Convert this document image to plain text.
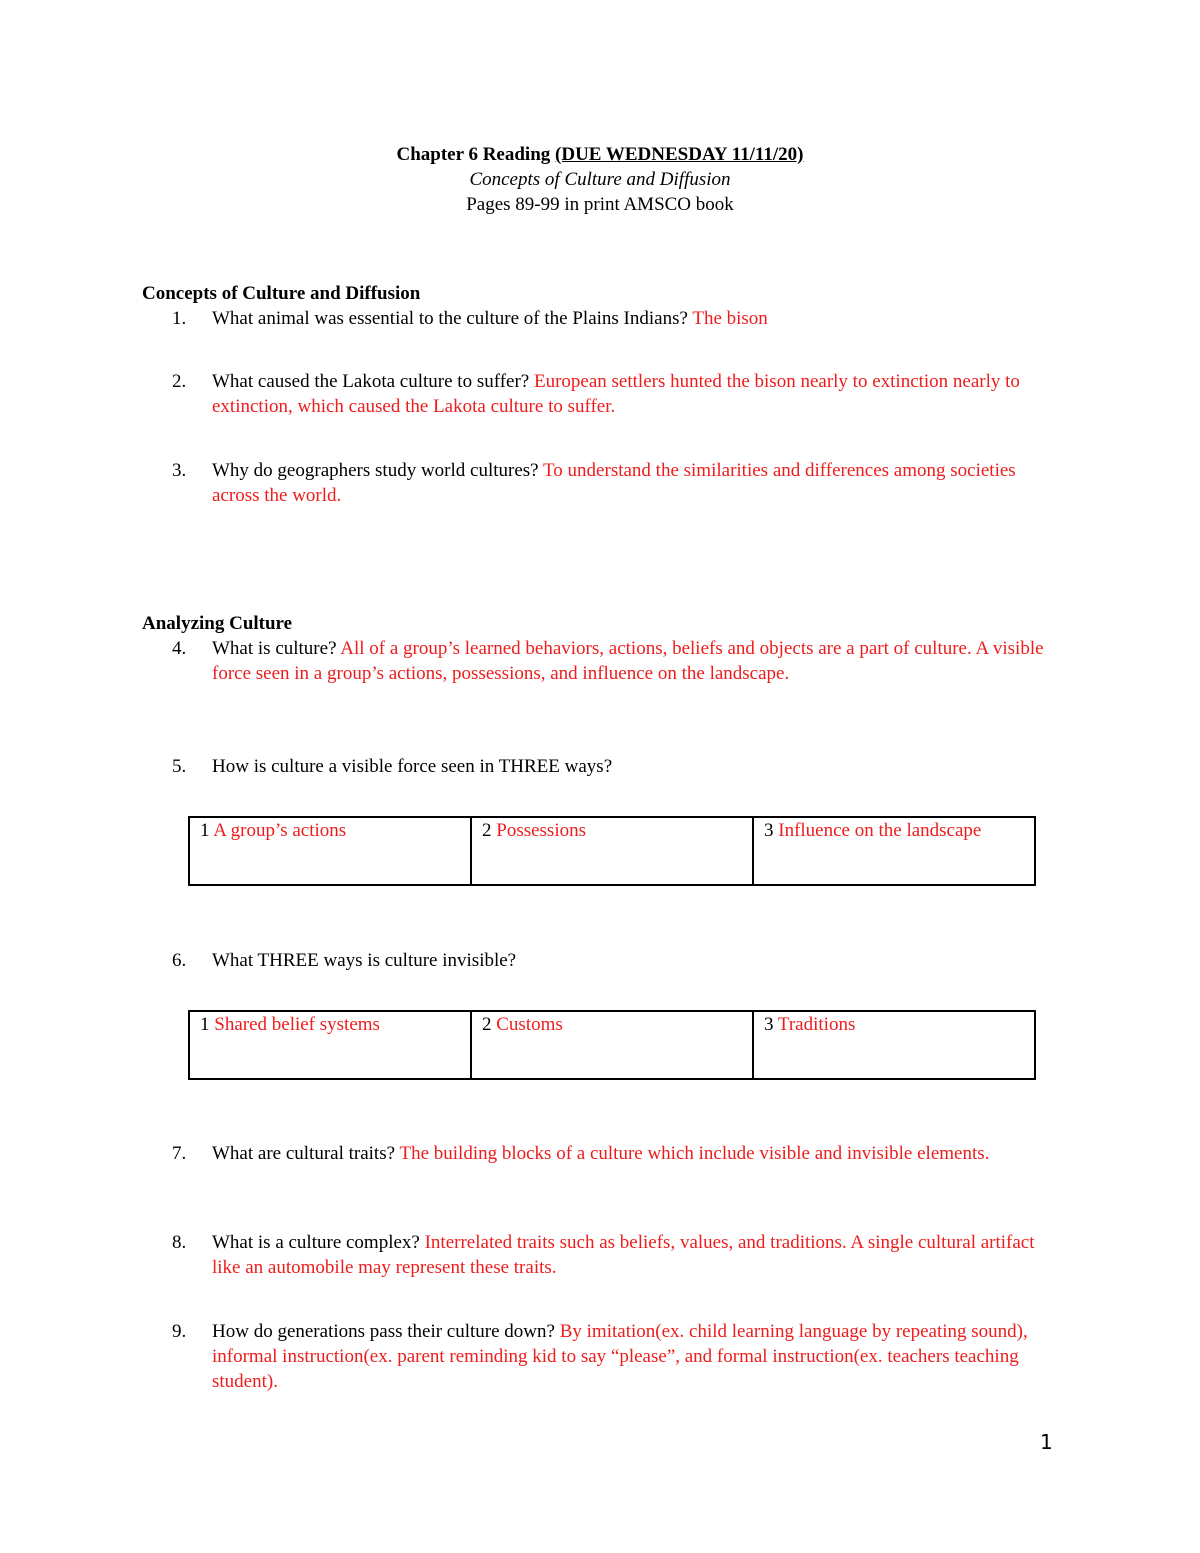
Chapter 6 Reading (DUE WEDNESDAY 11/11/20)
Concepts of Culture and Diffusion
Pages 89-99 in print AMSCO book
Concepts of Culture and Diffusion
1.	What animal was essential to the culture of the Plains Indians? The bison
2.	What caused the Lakota culture to suffer? European settlers hunted the bison nearly to extinction nearly to extinction, which caused the Lakota culture to suffer.
3.	Why do geographers study world cultures? To understand the similarities and differences among societies across the world.
Analyzing Culture
4.	What is culture? All of a group’s learned behaviors, actions, beliefs and objects are a part of culture. A visible force seen in a group’s actions, possessions, and influence on the landscape.
5.	How is culture a visible force seen in THREE ways?
1 A group’s actions	2 Possessions	3 Influence on the landscape
6.	What THREE ways is culture invisible?
1 Shared belief systems	2 Customs	3 Traditions
7.	What are cultural traits? The building blocks of a culture which include visible and invisible elements.
8.	What is a culture complex? Interrelated traits such as beliefs, values, and traditions. A single cultural artifact like an automobile may represent these traits.
9.	How do generations pass their culture down? By imitation(ex. child learning language by repeating sound), informal instruction(ex. parent reminding kid to say “please”, and formal instruction(ex. teachers teaching student).
1
